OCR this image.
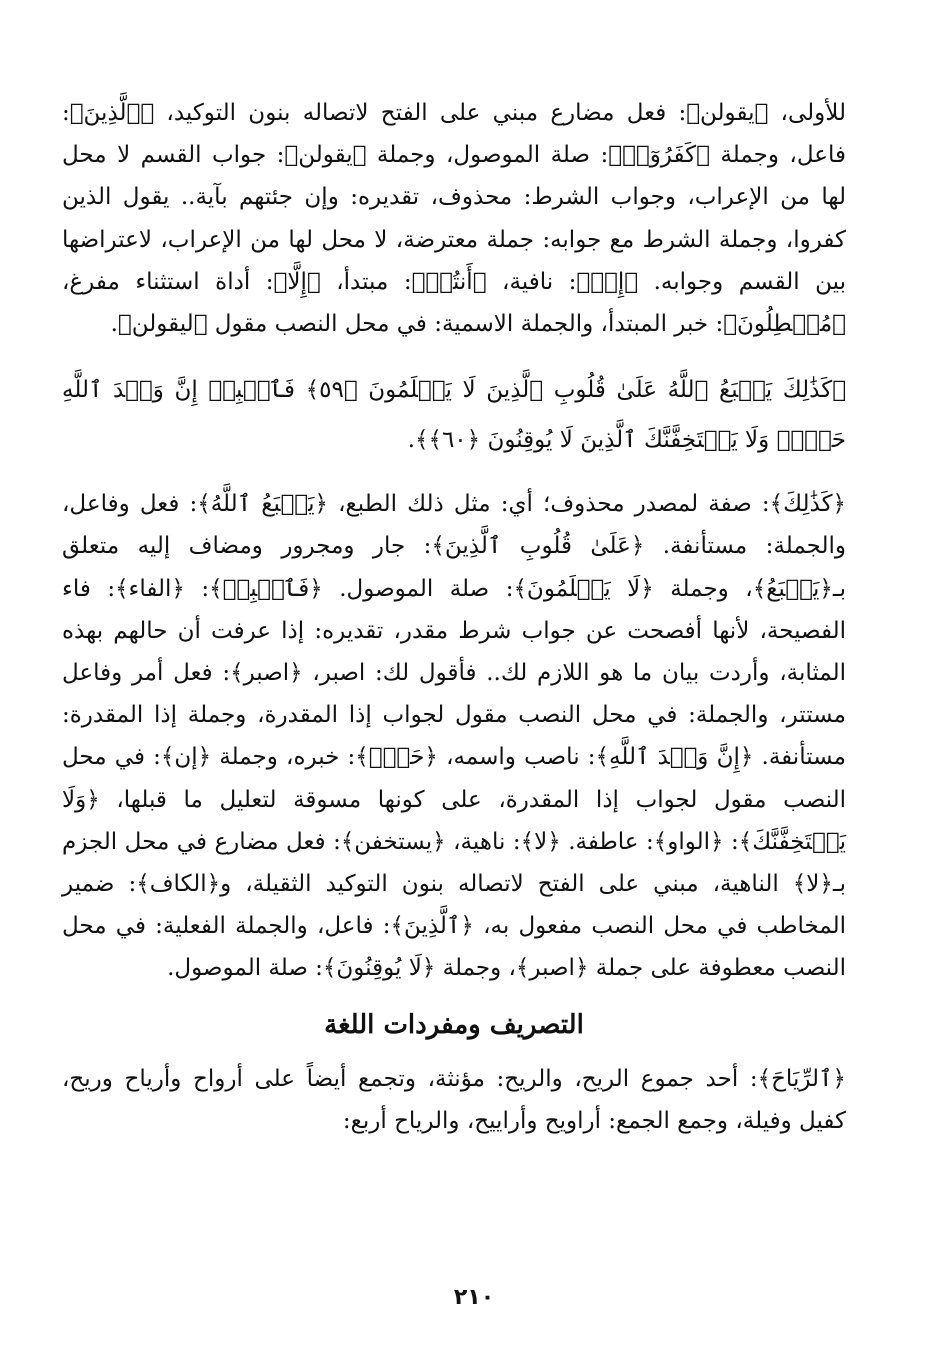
للأولى، ﴿يقولن﴾: فعل مضارع مبني على الفتح لاتصاله بنون التوكيد، ﴿ٱلَّذِينَ﴾: فاعل، وجملة ﴿كَفَرُوٓا۟﴾: صلة الموصول، وجملة ﴿يقولن﴾: جواب القسم لا محل لها من الإعراب، وجواب الشرط: محذوف، تقديره: وإن جئتهم بآية.. يقول الذين كفروا، وجملة الشرط مع جوابه: جملة معترضة، لا محل لها من الإعراب، لاعتراضها بين القسم وجوابه. ﴿إِنۡ﴾: نافية، ﴿أَنتُمۡ﴾: مبتدأ، ﴿إِلَّا﴾: أداة استثناء مفرغ، ﴿مُبۡطِلُونَ﴾: خبر المبتدأ، والجملة الاسمية: في محل النصب مقول ﴿ليقولن﴾.

﴿كَذَٰلِكَ يَطۡبَعُ ٱللَّهُ عَلَىٰ قُلُوبِ ٱلَّذِينَ لَا يَعۡلَمُونَ ﴿٥٩﴾ فَٱصۡبِرۡ إِنَّ وَعۡدَ ٱللَّهِ حَقّٞۖ وَلَا يَسۡتَخِفَّنَّكَ ٱلَّذِينَ لَا يُوقِنُونَ ﴿٦٠﴾﴾.

﴿كَذَٰلِكَ﴾: صفة لمصدر محذوف؛ أي: مثل ذلك الطبع، ﴿يَطۡبَعُ ٱللَّهُ﴾: فعل وفاعل، والجملة: مستأنفة. ﴿عَلَىٰ قُلُوبِ ٱلَّذِينَ﴾: جار ومجرور ومضاف إليه متعلق بـ﴿يَطۡبَعُ﴾، وجملة ﴿لَا يَعۡلَمُونَ﴾: صلة الموصول. ﴿فَٱصۡبِرۡ﴾: ﴿الفاء﴾: فاء الفصيحة، لأنها أفصحت عن جواب شرط مقدر، تقديره: إذا عرفت أن حالهم بهذه المثابة، وأردت بيان ما هو اللازم لك.. فأقول لك: اصبر، ﴿اصبر﴾: فعل أمر وفاعل مستتر، والجملة: في محل النصب مقول لجواب إذا المقدرة، وجملة إذا المقدرة: مستأنفة. ﴿إِنَّ وَعۡدَ ٱللَّهِ﴾: ناصب واسمه، ﴿حَقّٞ﴾: خبره، وجملة ﴿إن﴾: في محل النصب مقول لجواب إذا المقدرة، على كونها مسوقة لتعليل ما قبلها، ﴿وَلَا يَسۡتَخِفَّنَّكَ﴾: ﴿الواو﴾: عاطفة. ﴿لا﴾: ناهية، ﴿يستخفن﴾: فعل مضارع في محل الجزم بـ﴿لا﴾ الناهية، مبني على الفتح لاتصاله بنون التوكيد الثقيلة، و﴿الكاف﴾: ضمير المخاطب في محل النصب مفعول به، ﴿ٱلَّذِينَ﴾: فاعل، والجملة الفعلية: في محل النصب معطوفة على جملة ﴿اصبر﴾، وجملة ﴿لَا يُوقِنُونَ﴾: صلة الموصول.

التصريف ومفردات اللغة

﴿ٱلرِّيَاحَ﴾: أحد جموع الريح، والريح: مؤنثة، وتجمع أيضاً على أرواح وأرياح وريح، كفيل وفيلة، وجمع الجمع: أراويح وأراييح، والرياح أربع:

٢١٠
